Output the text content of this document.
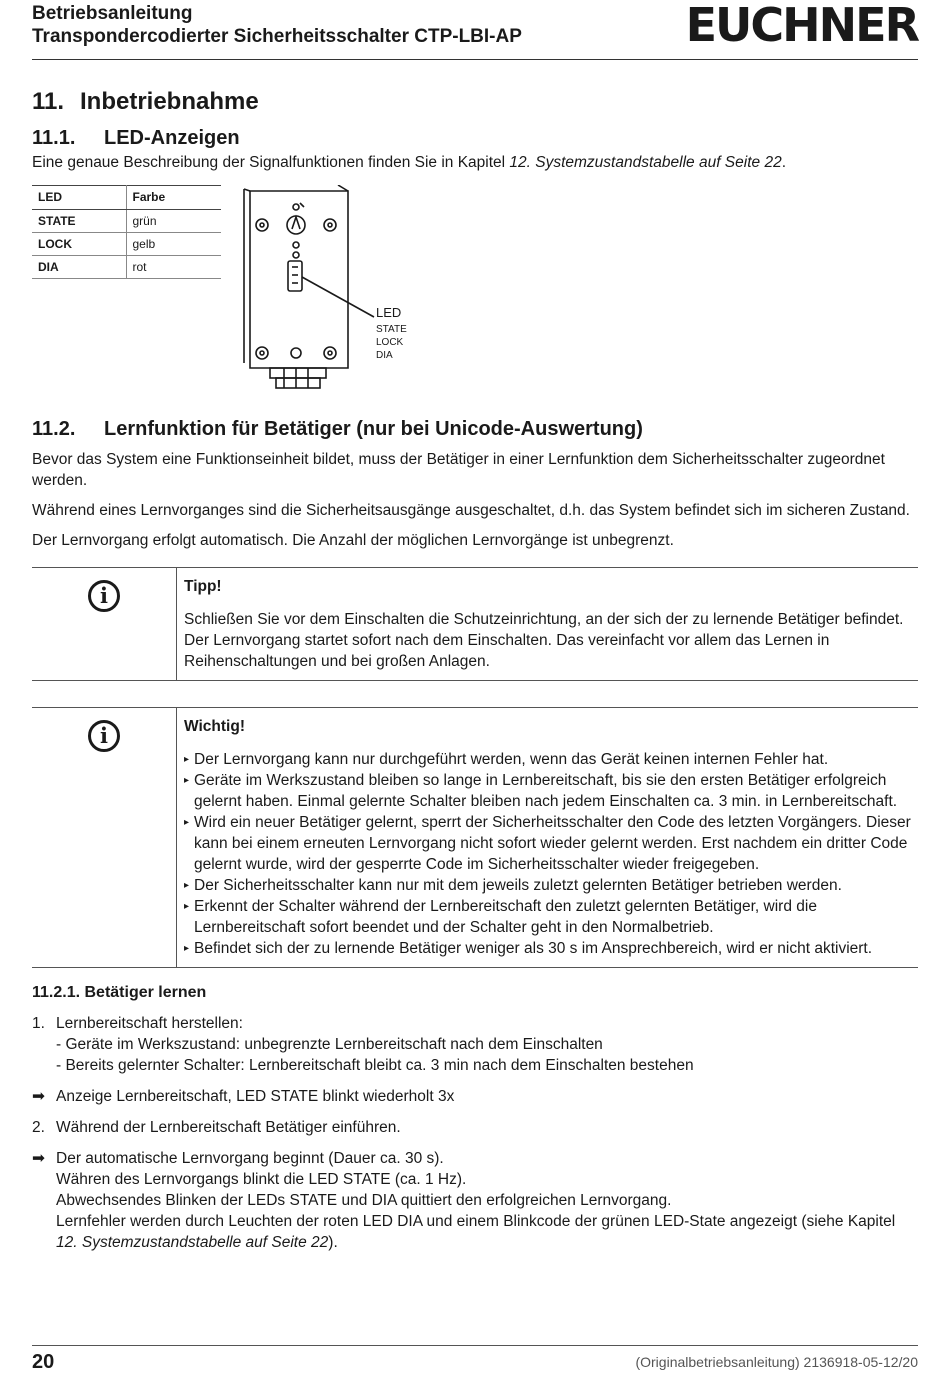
Betriebsanleitung
Transpondercodierter Sicherheitsschalter CTP-LBI-AP	EUCHNER
11. Inbetriebnahme
11.1. LED-Anzeigen

Eine genaue Beschreibung der Signalfunktionen finden Sie in Kapitel 12. Systemzustandstabelle auf Seite 22.

LED	Farbe
STATE	grün
LOCK	gelb
DIA	rot
LED
STATE
LOCK
DIA
11.2. Lernfunktion für Betätiger (nur bei Unicode-Auswertung)

Bevor das System eine Funktionseinheit bildet, muss der Betätiger in einer Lernfunktion dem Sicherheitsschalter zugeordnet werden.

Während eines Lernvorganges sind die Sicherheitsausgänge ausgeschaltet, d.h. das System befindet sich im sicheren Zustand.

Der Lernvorgang erfolgt automatisch. Die Anzahl der möglichen Lernvorgänge ist unbegrenzt.

i	Tipp!
Schließen Sie vor dem Einschalten die Schutzeinrichtung, an der sich der zu lernende Betätiger befindet. Der Lernvorgang startet sofort nach dem Einschalten. Das vereinfacht vor allem das Lernen in Reihenschaltungen und bei großen Anlagen.
i	Wichtig!
▸ Der Lernvorgang kann nur durchgeführt werden, wenn das Gerät keinen internen Fehler hat.
▸ Geräte im Werkszustand bleiben so lange in Lernbereitschaft, bis sie den ersten Betätiger erfolgreich gelernt haben. Einmal gelernte Schalter bleiben nach jedem Einschalten ca. 3 min. in Lernbereitschaft.
▸ Wird ein neuer Betätiger gelernt, sperrt der Sicherheitsschalter den Code des letzten Vorgängers. Dieser kann bei einem erneuten Lernvorgang nicht sofort wieder gelernt werden. Erst nachdem ein dritter Code gelernt wurde, wird der gesperrte Code im Sicherheitsschalter wieder freigegeben.
▸ Der Sicherheitsschalter kann nur mit dem jeweils zuletzt gelernten Betätiger betrieben werden.
▸ Erkennt der Schalter während der Lernbereitschaft den zuletzt gelernten Betätiger, wird die Lernbereitschaft sofort beendet und der Schalter geht in den Normalbetrieb.
▸ Befindet sich der zu lernende Betätiger weniger als 30 s im Ansprechbereich, wird er nicht aktiviert.
11.2.1. Betätiger lernen
1. Lernbereitschaft herstellen:
- Geräte im Werkszustand: unbegrenzte Lernbereitschaft nach dem Einschalten
- Bereits gelernter Schalter: Lernbereitschaft bleibt ca. 3 min nach dem Einschalten bestehen
➡ Anzeige Lernbereitschaft, LED STATE blinkt wiederholt 3x
2. Während der Lernbereitschaft Betätiger einführen.
➡ Der automatische Lernvorgang beginnt (Dauer ca. 30 s).
Währen des Lernvorgangs blinkt die LED STATE (ca. 1 Hz).
Abwechsendes Blinken der LEDs STATE und DIA quittiert den erfolgreichen Lernvorgang.
Lernfehler werden durch Leuchten der roten LED DIA und einem Blinkcode der grünen LED-State angezeigt (siehe Kapitel 12. Systemzustandstabelle auf Seite 22).
20	(Originalbetriebsanleitung) 2136918-05-12/20
